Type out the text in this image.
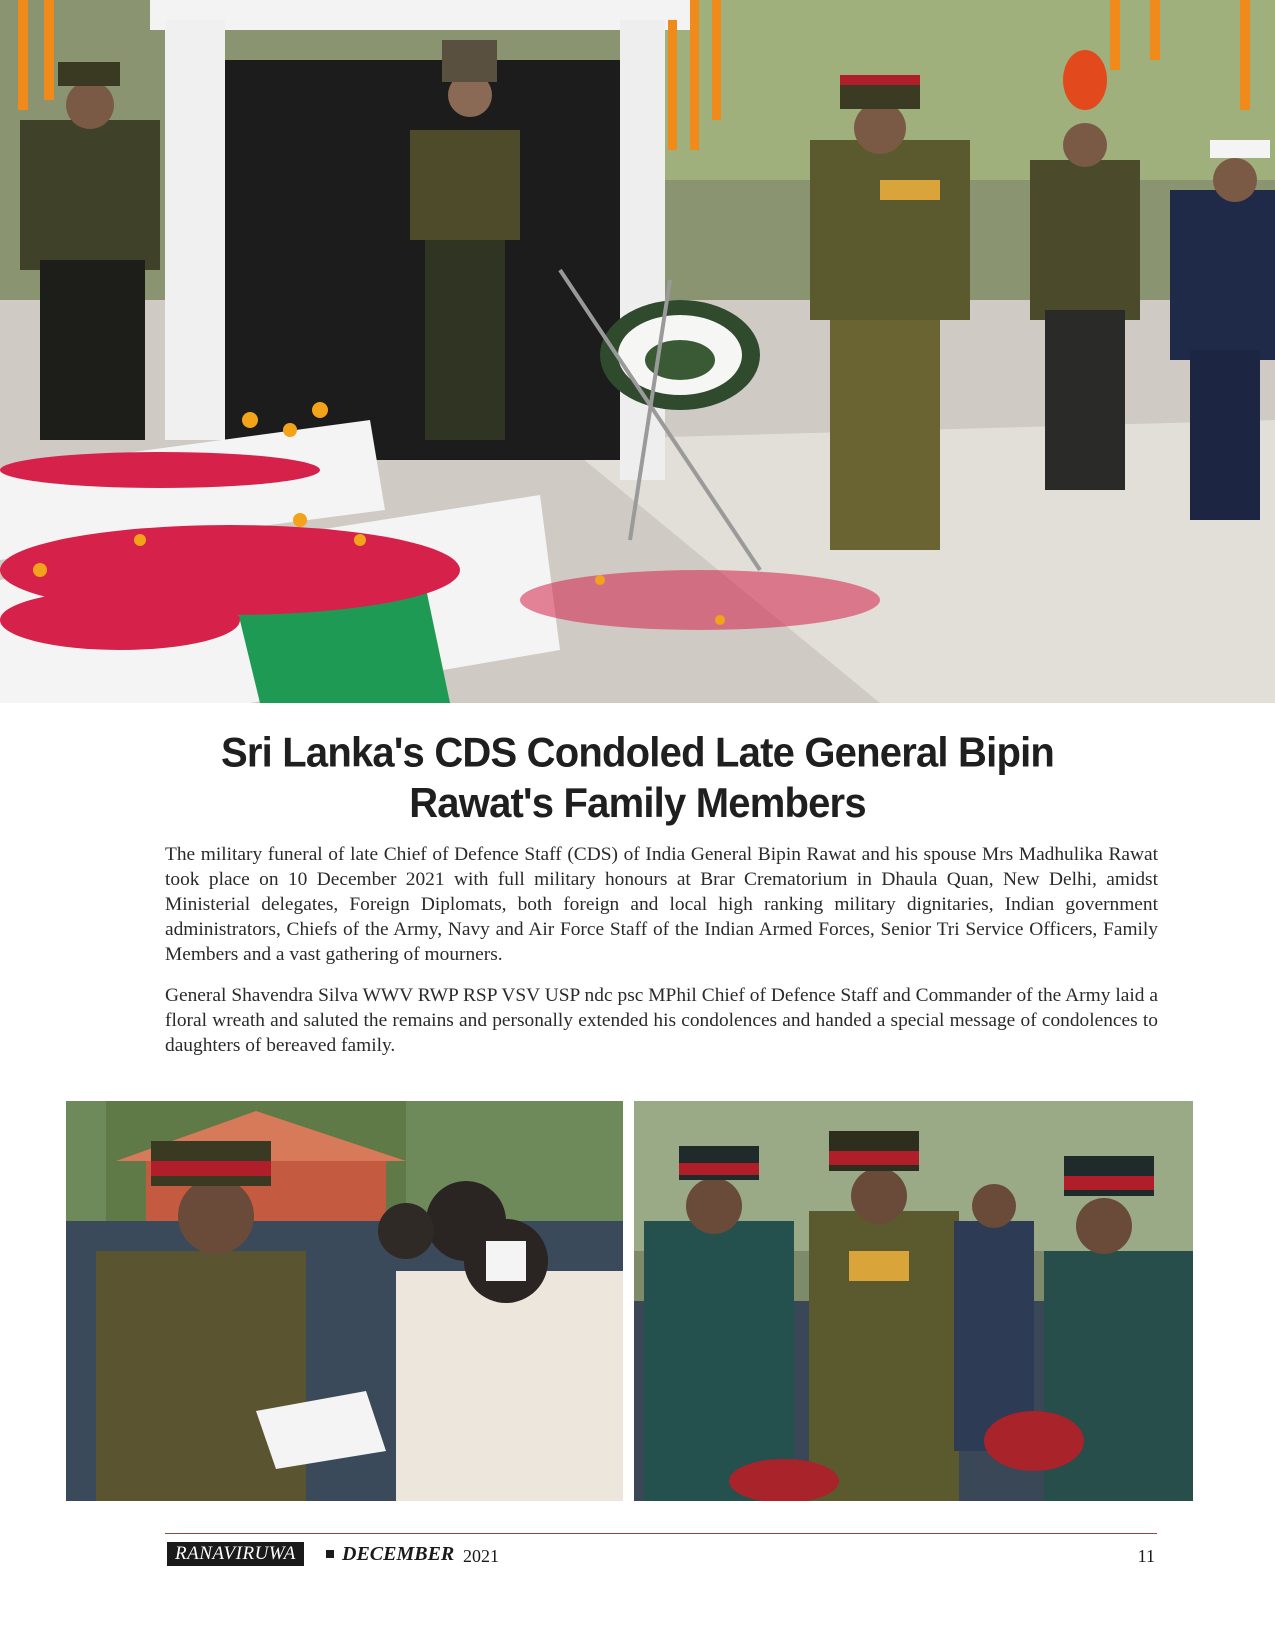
Sri Lanka's CDS Condoled Late General Bipin Rawat's Family Members

The military funeral of late Chief of Defence Staff (CDS) of India General Bipin Rawat and his spouse Mrs Madhulika Rawat took place on 10 December 2021 with full military honours at Brar Crematorium in Dhaula Quan, New Delhi, amidst Ministerial delegates, Foreign Diplomats, both foreign and local high ranking military dignitaries, Indian government administrators, Chiefs of the Army, Navy and Air Force Staff of the Indian Armed Forces, Senior Tri Service Officers, Family Members and a vast gathering of mourners.

General Shavendra Silva WWV RWP RSP VSV USP ndc psc MPhil Chief of Defence Staff and Commander of the Army laid a floral wreath and saluted the remains and personally extended his condolences and handed a special message of condolences to daughters of bereaved family.

RANAVIRUWA	DECEMBER 2021	11
